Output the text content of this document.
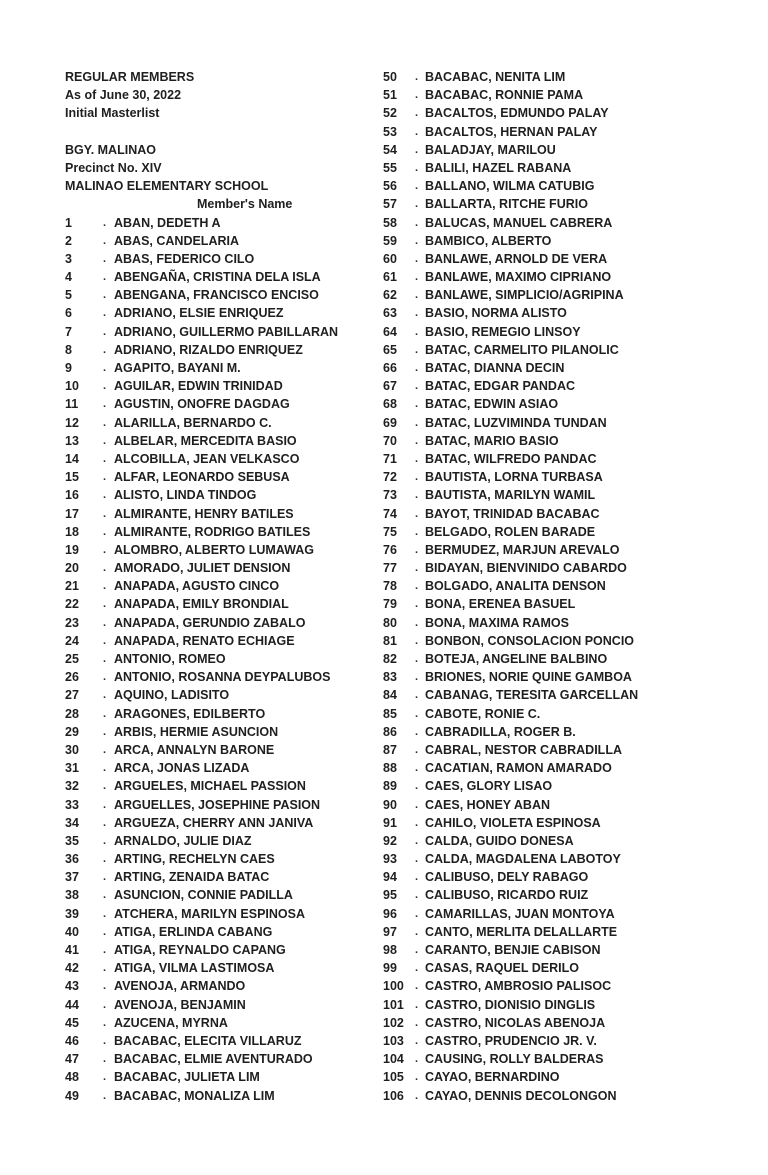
REGULAR MEMBERS
As of June 30, 2022
Initial Masterlist
BGY. MALINAO
Precinct No. XIV
MALINAO ELEMENTARY SCHOOL
Member's Name
1	. ABAN, DEDETH A
2	. ABAS, CANDELARIA
3	. ABAS, FEDERICO CILO
4	. ABENGAÑA, CRISTINA DELA ISLA
5	. ABENGANA, FRANCISCO ENCISO
6	. ADRIANO, ELSIE ENRIQUEZ
7	. ADRIANO, GUILLERMO PABILLARAN
8	. ADRIANO, RIZALDO ENRIQUEZ
9	. AGAPITO, BAYANI M.
10	. AGUILAR, EDWIN TRINIDAD
11	. AGUSTIN, ONOFRE DAGDAG
12	. ALARILLA, BERNARDO C.
13	. ALBELAR, MERCEDITA BASIO
14	. ALCOBILLA, JEAN VELKASCO
15	. ALFAR, LEONARDO SEBUSA
16	. ALISTO, LINDA TINDOG
17	. ALMIRANTE, HENRY BATILES
18	. ALMIRANTE, RODRIGO BATILES
19	. ALOMBRO, ALBERTO LUMAWAG
20	. AMORADO, JULIET DENSION
21	. ANAPADA, AGUSTO CINCO
22	. ANAPADA, EMILY BRONDIAL
23	. ANAPADA, GERUNDIO ZABALO
24	. ANAPADA, RENATO ECHIAGE
25	. ANTONIO, ROMEO
26	. ANTONIO, ROSANNA DEYPALUBOS
27	. AQUINO, LADISITO
28	. ARAGONES, EDILBERTO
29	. ARBIS, HERMIE ASUNCION
30	. ARCA, ANNALYN BARONE
31	. ARCA, JONAS LIZADA
32	. ARGUELES, MICHAEL PASSION
33	. ARGUELLES, JOSEPHINE PASION
34	. ARGUEZA, CHERRY ANN JANIVA
35	. ARNALDO, JULIE DIAZ
36	. ARTING, RECHELYN CAES
37	. ARTING, ZENAIDA BATAC
38	. ASUNCION, CONNIE PADILLA
39	. ATCHERA, MARILYN ESPINOSA
40	. ATIGA, ERLINDA CABANG
41	. ATIGA, REYNALDO CAPANG
42	. ATIGA, VILMA LASTIMOSA
43	. AVENOJA, ARMANDO
44	. AVENOJA, BENJAMIN
45	. AZUCENA, MYRNA
46	. BACABAC, ELECITA VILLARUZ
47	. BACABAC, ELMIE AVENTURADO
48	. BACABAC, JULIETA LIM
49	. BACABAC, MONALIZA LIM
50	. BACABAC, NENITA LIM
51	. BACABAC, RONNIE PAMA
52	. BACALTOS, EDMUNDO PALAY
53	. BACALTOS, HERNAN PALAY
54	. BALADJAY, MARILOU
55	. BALILI, HAZEL RABANA
56	. BALLANO, WILMA CATUBIG
57	. BALLARTA, RITCHE FURIO
58	. BALUCAS, MANUEL CABRERA
59	. BAMBICO, ALBERTO
60	. BANLAWE, ARNOLD DE VERA
61	. BANLAWE, MAXIMO CIPRIANO
62	. BANLAWE, SIMPLICIO/AGRIPINA
63	. BASIO, NORMA ALISTO
64	. BASIO, REMEGIO LINSOY
65	. BATAC, CARMELITO PILANOLIC
66	. BATAC, DIANNA DECIN
67	. BATAC, EDGAR PANDAC
68	. BATAC, EDWIN ASIAO
69	. BATAC, LUZVIMINDA TUNDAN
70	. BATAC, MARIO BASIO
71	. BATAC, WILFREDO PANDAC
72	. BAUTISTA, LORNA TURBASA
73	. BAUTISTA, MARILYN WAMIL
74	. BAYOT, TRINIDAD BACABAC
75	. BELGADO, ROLEN BARADE
76	. BERMUDEZ, MARJUN AREVALO
77	. BIDAYAN, BIENVINIDO CABARDO
78	. BOLGADO, ANALITA DENSON
79	. BONA, ERENEA BASUEL
80	. BONA, MAXIMA RAMOS
81	. BONBON, CONSOLACION PONCIO
82	. BOTEJA, ANGELINE BALBINO
83	. BRIONES, NORIE QUINE GAMBOA
84	. CABANAG, TERESITA GARCELLAN
85	. CABOTE, RONIE C.
86	. CABRADILLA, ROGER B.
87	. CABRAL, NESTOR CABRADILLA
88	. CACATIAN, RAMON AMARADO
89	. CAES, GLORY LISAO
90	. CAES, HONEY ABAN
91	. CAHILO, VIOLETA ESPINOSA
92	. CALDA, GUIDO DONESA
93	. CALDA, MAGDALENA LABOTOY
94	. CALIBUSO, DELY RABAGO
95	. CALIBUSO, RICARDO RUIZ
96	. CAMARILLAS, JUAN MONTOYA
97	. CANTO, MERLITA DELALLARTE
98	. CARANTO, BENJIE CABISON
99	. CASAS, RAQUEL DERILO
100	. CASTRO, AMBROSIO PALISOC
101	. CASTRO, DIONISIO DINGLIS
102	. CASTRO, NICOLAS ABENOJA
103	. CASTRO, PRUDENCIO JR. V.
104	. CAUSING, ROLLY BALDERAS
105	. CAYAO, BERNARDINO
106	. CAYAO, DENNIS DECOLONGON
